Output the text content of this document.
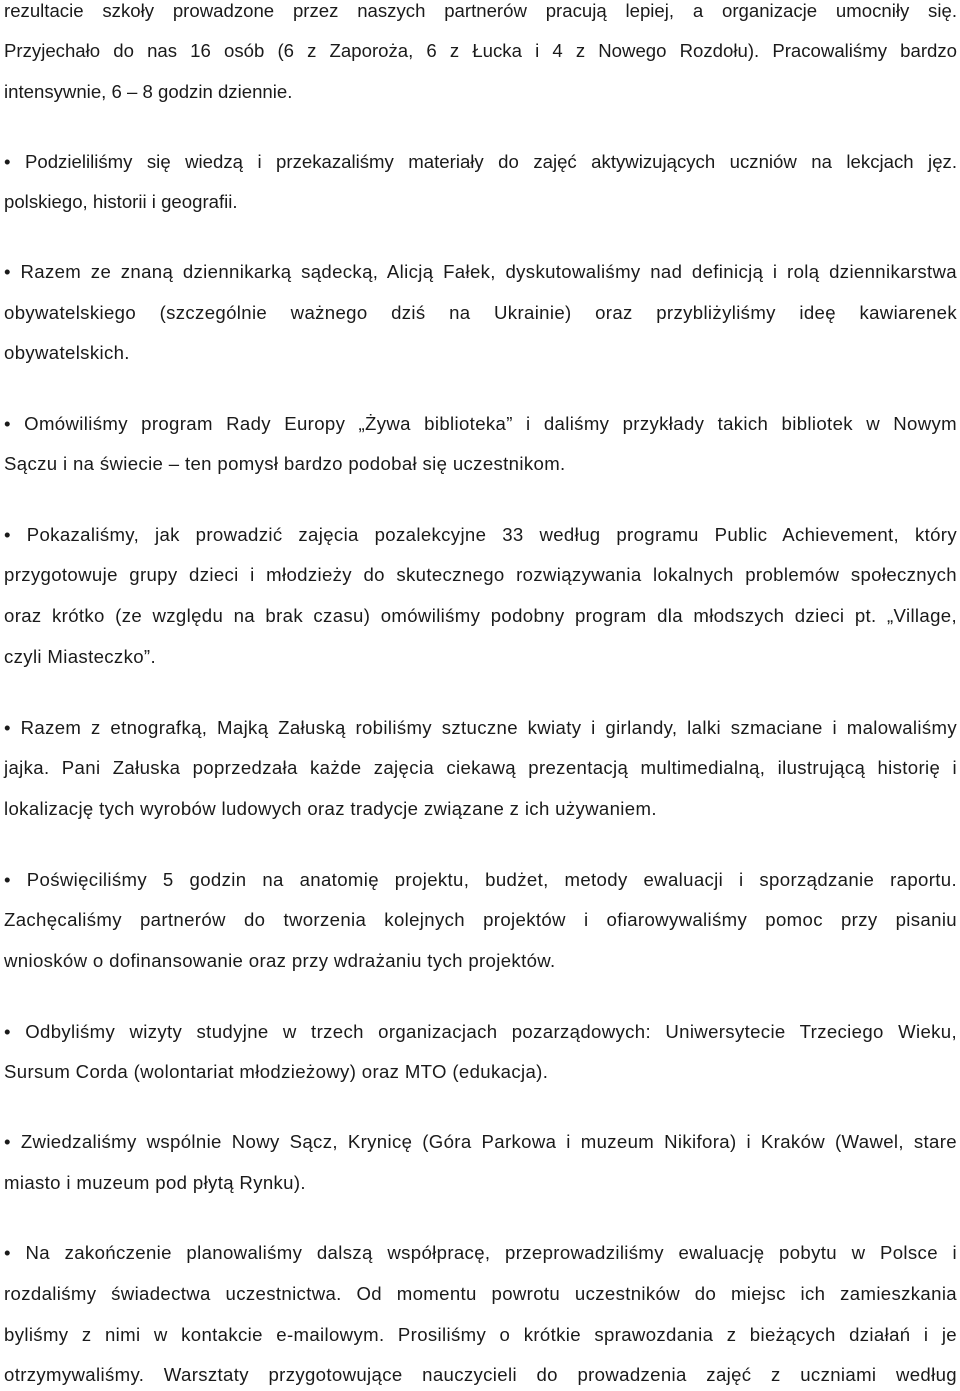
rezultacie szkoły prowadzone przez naszych partnerów pracują lepiej, a organizacje umocniły się.

Przyjechało do nas 16 osób (6 z Zaporoża, 6 z Łucka i 4 z Nowego Rozdołu). Pracowaliśmy bardzo

intensywnie, 6 – 8 godzin dziennie.

• Podzieliliśmy się wiedzą i przekazaliśmy materiały do zajęć aktywizujących uczniów na lekcjach jęz.

polskiego, historii i geografii.

• Razem ze znaną dziennikarką sądecką, Alicją Fałek, dyskutowaliśmy nad definicją i rolą dziennikarstwa

obywatelskiego (szczególnie ważnego dziś na Ukrainie) oraz przybliżyliśmy ideę kawiarenek

obywatelskich.

• Omówiliśmy program Rady Europy „Żywa biblioteka” i daliśmy przykłady takich bibliotek w Nowym

Sączu i na świecie – ten pomysł bardzo podobał się uczestnikom.

• Pokazaliśmy, jak prowadzić zajęcia pozalekcyjne 33 według programu Public Achievement, który

przygotowuje grupy dzieci i młodzieży do skutecznego rozwiązywania lokalnych problemów społecznych

oraz krótko (ze względu na brak czasu) omówiliśmy podobny program dla młodszych dzieci pt. „Village,

czyli Miasteczko”.

• Razem z etnografką, Majką Załuską robiliśmy sztuczne kwiaty i girlandy, lalki szmaciane i malowaliśmy

jajka. Pani Załuska poprzedzała każde zajęcia ciekawą prezentacją multimedialną, ilustrującą historię i

lokalizację tych wyrobów ludowych oraz tradycje związane z ich używaniem.

• Poświęciliśmy 5 godzin na anatomię projektu, budżet, metody ewaluacji i sporządzanie raportu.

Zachęcaliśmy partnerów do tworzenia kolejnych projektów i ofiarowywaliśmy pomoc przy pisaniu

wniosków o dofinansowanie oraz przy wdrażaniu tych projektów.

• Odbyliśmy wizyty studyjne w trzech organizacjach pozarządowych: Uniwersytecie Trzeciego Wieku,

Sursum Corda (wolontariat młodzieżowy) oraz MTO (edukacja).

• Zwiedzaliśmy wspólnie Nowy Sącz, Krynicę (Góra Parkowa i muzeum Nikifora) i Kraków (Wawel, stare

miasto i muzeum pod płytą Rynku).

• Na zakończenie planowaliśmy dalszą współpracę, przeprowadziliśmy ewaluację pobytu w Polsce i

rozdaliśmy świadectwa uczestnictwa. Od momentu powrotu uczestników do miejsc ich zamieszkania

byliśmy z nimi w kontakcie e-mailowym. Prosiliśmy o krótkie sprawozdania z bieżących działań i je

otrzymywaliśmy. Warsztaty przygotowujące nauczycieli do prowadzenia zajęć z uczniami według
